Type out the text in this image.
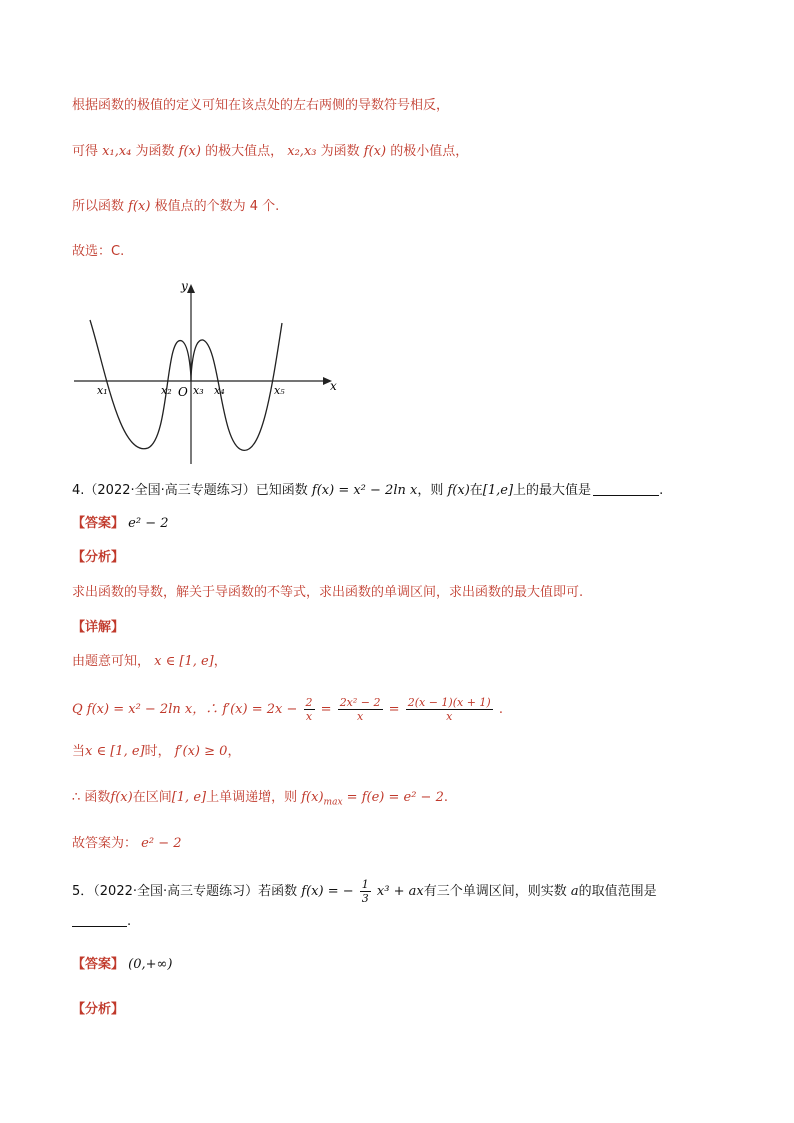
根据函数的极值的定义可知在该点处的左右两侧的导数符号相反，
可得 x₁,x₄ 为函数 f(x) 的极大值点， x₂,x₃ 为函数 f(x) 的极小值点，
所以函数 f(x) 极值点的个数为 4 个.
故选：C.
x
y
O
x₁	x₂ x₃ x₄	x₅
4.（2022·全国·高三专题练习）已知函数 f(x) = x² − 2ln x，则 f(x)在[1,e]上的最大值是	.
【答案】 e² − 2
【分析】
求出函数的导数，解关于导函数的不等式，求出函数的单调区间，求出函数的最大值即可.
【详解】
由题意可知， x ∈ [1, e]，
Q f(x) = x² − 2ln x，∴ $f'(x) = 2x - \frac{2}{x} = \frac{\text{2x² − 2}}{x} = \frac{2(x - 1)(x + 1)}{x}$ .
当x ∈ [1, e]时， f′(x) ≥ 0，
∴ 函数f(x)在区间[1, e]上单调递增，则 $f(x)_{max} = f(e) = e^2 - 2$.
故答案为： e² − 2
5．（2022·全国·高三专题练习）若函数 f(x) = − $\frac{1}{3} x^3$ + ax有三个单调区间，则实数 a的取值范围是
.
【答案】 (0,+∞)
【分析】
